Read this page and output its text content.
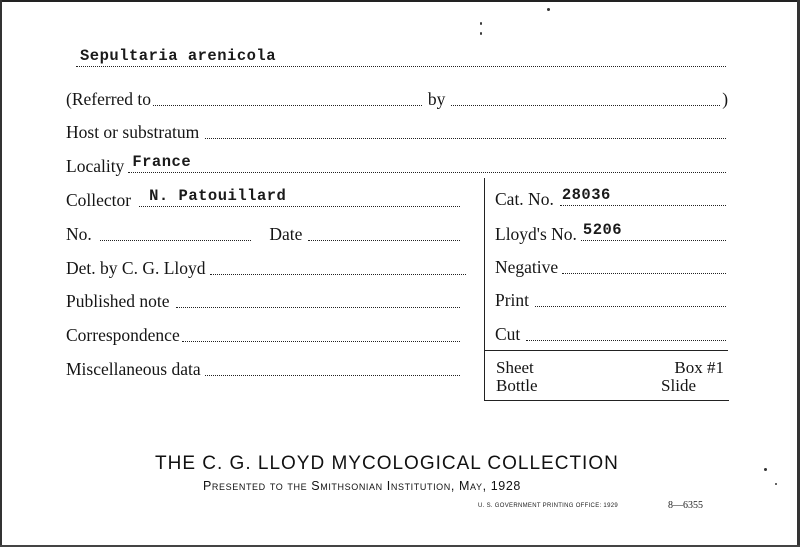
Sepultaria arenicola
(Referred to	by	)
Host or substratum
Locality France
Collector N. Patouillard
No.	Date
Det. by C. G. Lloyd
Published note
Correspondence
Miscellaneous data
Cat. No. 28036
Lloyd's No. 5206
Negative
Print
Cut
Sheet	Box #1
Bottle	Slide
THE C. G. LLOYD MYCOLOGICAL COLLECTION
Presented to the Smithsonian Institution, May, 1928
U. S. GOVERNMENT PRINTING OFFICE: 1929	8—6355
